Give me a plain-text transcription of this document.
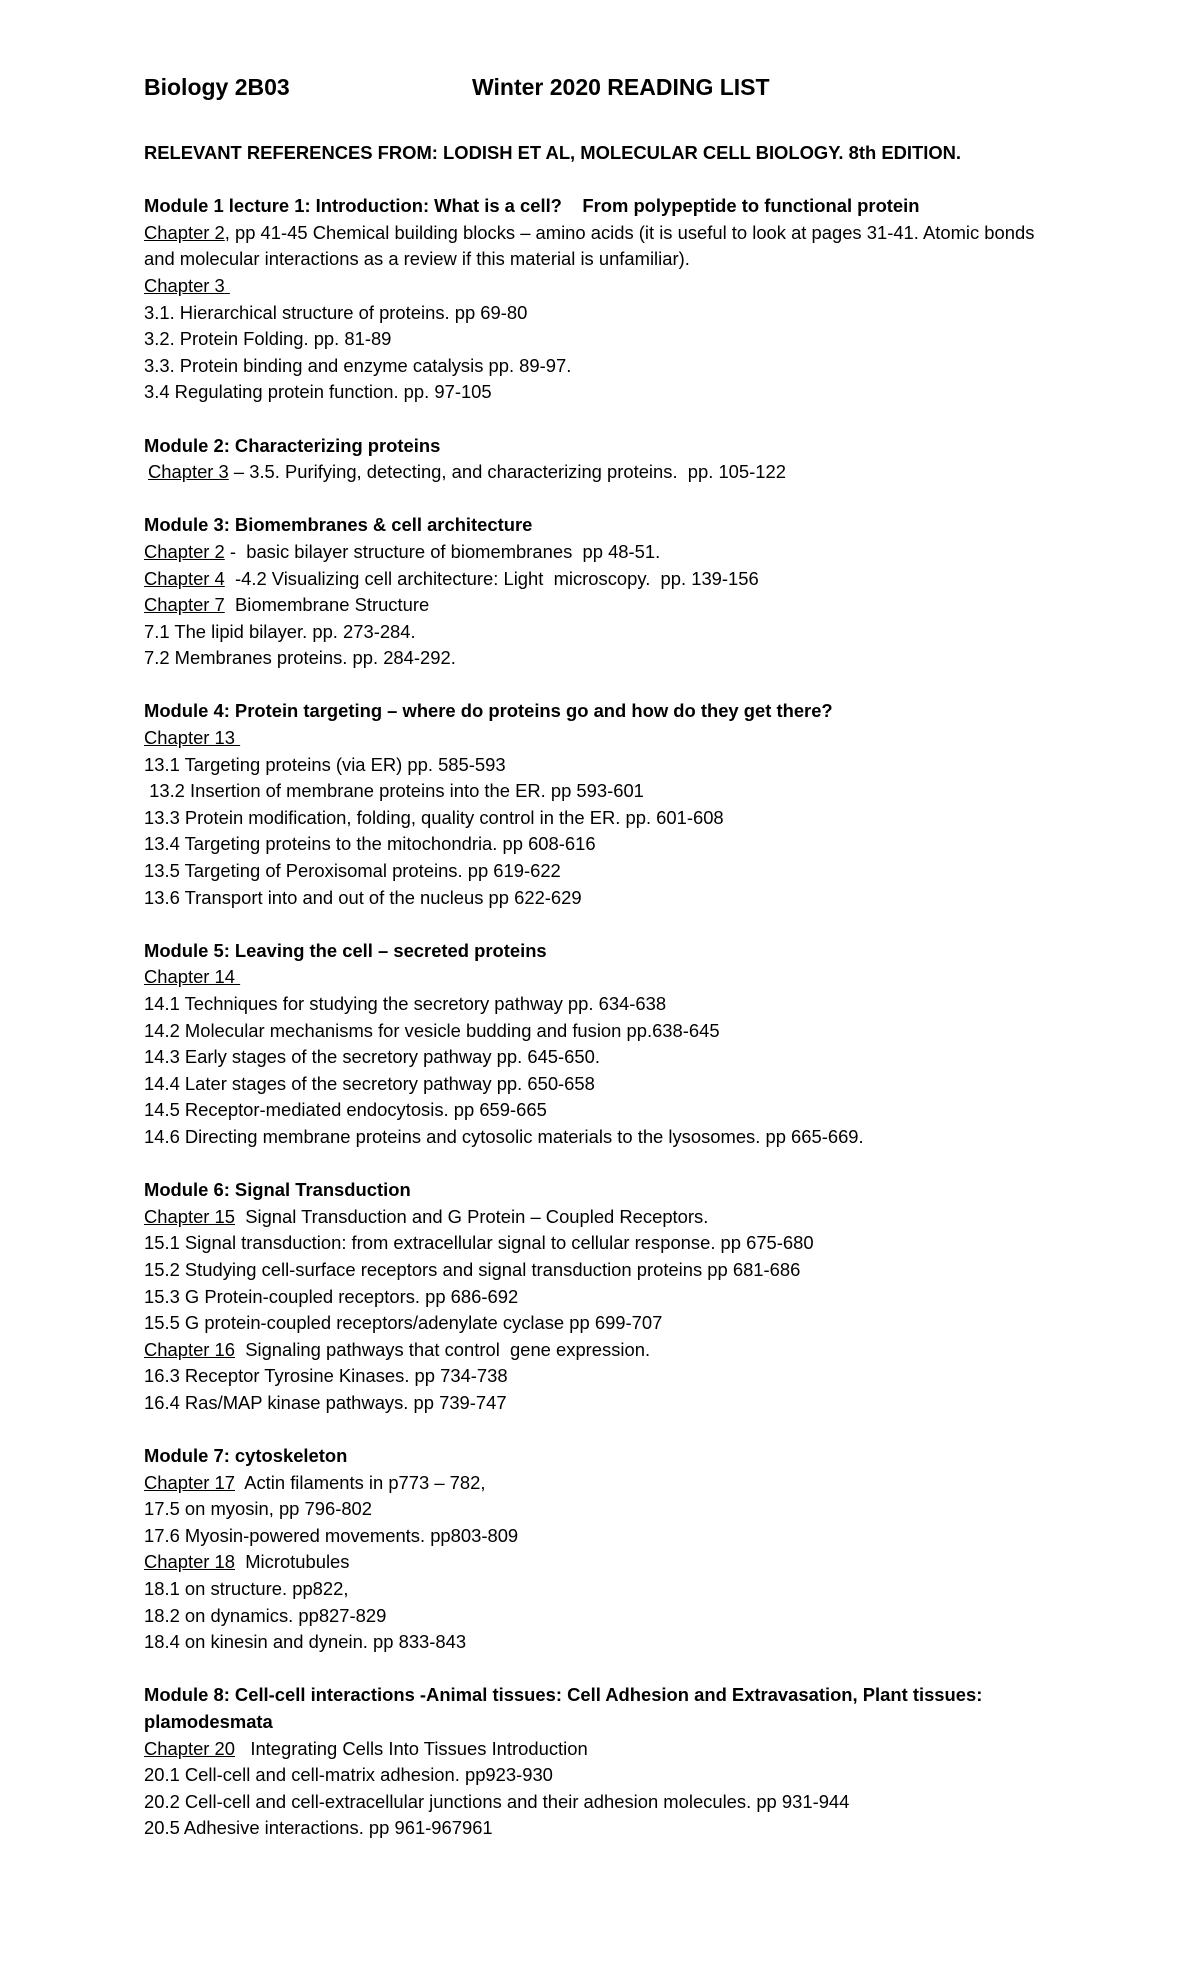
Biology 2B03	Winter 2020 READING LIST
RELEVANT REFERENCES FROM: LODISH ET AL, MOLECULAR CELL BIOLOGY. 8th EDITION.
Module 1 lecture 1: Introduction: What is a cell?    From polypeptide to functional protein
Chapter 2, pp 41-45 Chemical building blocks – amino acids (it is useful to look at pages 31-41. Atomic bonds and molecular interactions as a review if this material is unfamiliar).
Chapter 3
3.1. Hierarchical structure of proteins. pp 69-80
3.2. Protein Folding. pp. 81-89
3.3. Protein binding and enzyme catalysis pp. 89-97.
3.4 Regulating protein function. pp. 97-105
Module 2: Characterizing proteins
Chapter 3 – 3.5. Purifying, detecting, and characterizing proteins.  pp. 105-122
Module 3: Biomembranes & cell architecture
Chapter 2 -  basic bilayer structure of biomembranes  pp 48-51.
Chapter 4  -4.2 Visualizing cell architecture: Light  microscopy.  pp. 139-156
Chapter 7  Biomembrane Structure
7.1 The lipid bilayer. pp. 273-284.
7.2 Membranes proteins. pp. 284-292.
Module 4: Protein targeting – where do proteins go and how do they get there?
Chapter 13
13.1 Targeting proteins (via ER) pp. 585-593
13.2 Insertion of membrane proteins into the ER. pp 593-601
13.3 Protein modification, folding, quality control in the ER. pp. 601-608
13.4 Targeting proteins to the mitochondria. pp 608-616
13.5 Targeting of Peroxisomal proteins. pp 619-622
13.6 Transport into and out of the nucleus pp 622-629
Module 5: Leaving the cell – secreted proteins
Chapter 14
14.1 Techniques for studying the secretory pathway pp. 634-638
14.2 Molecular mechanisms for vesicle budding and fusion pp.638-645
14.3 Early stages of the secretory pathway pp. 645-650.
14.4 Later stages of the secretory pathway pp. 650-658
14.5 Receptor-mediated endocytosis. pp 659-665
14.6 Directing membrane proteins and cytosolic materials to the lysosomes. pp 665-669.
Module 6: Signal Transduction
Chapter 15  Signal Transduction and G Protein – Coupled Receptors.
15.1 Signal transduction: from extracellular signal to cellular response. pp 675-680
15.2 Studying cell-surface receptors and signal transduction proteins pp 681-686
15.3 G Protein-coupled receptors. pp 686-692
15.5 G protein-coupled receptors/adenylate cyclase pp 699-707
Chapter 16  Signaling pathways that control  gene expression.
16.3 Receptor Tyrosine Kinases. pp 734-738
16.4 Ras/MAP kinase pathways. pp 739-747
Module 7: cytoskeleton
Chapter 17  Actin filaments in p773 – 782,
17.5 on myosin, pp 796-802
17.6 Myosin-powered movements. pp803-809
Chapter 18  Microtubules
18.1 on structure. pp822,
18.2 on dynamics. pp827-829
18.4 on kinesin and dynein. pp 833-843
Module 8: Cell-cell interactions -Animal tissues: Cell Adhesion and Extravasation, Plant tissues: plamodesmata
Chapter 20   Integrating Cells Into Tissues Introduction
20.1 Cell-cell and cell-matrix adhesion. pp923-930
20.2 Cell-cell and cell-extracellular junctions and their adhesion molecules. pp 931-944
20.5 Adhesive interactions. pp 961-967961
